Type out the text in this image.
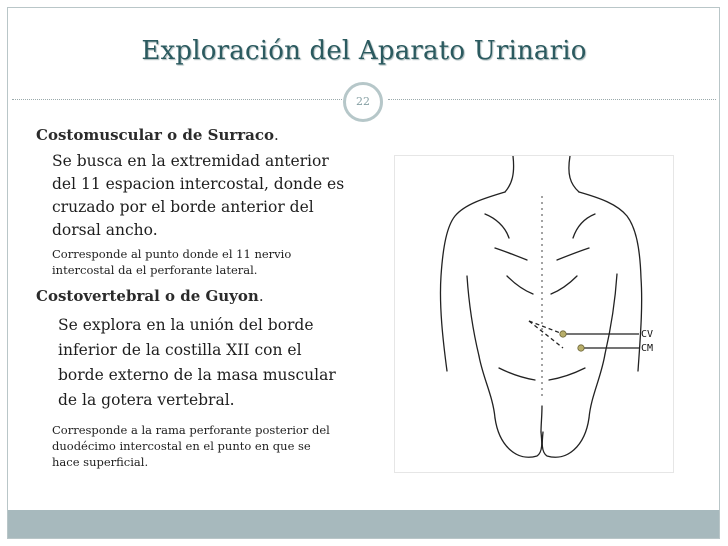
Exploración del Aparato Urinario
22
Costomuscular o de Surraco.
Se busca en la extremidad anterior
del 11 espacion intercostal, donde es
cruzado por el borde anterior del
dorsal ancho.
Corresponde al punto donde el 11 nervio
intercostal da el perforante lateral.
Costovertebral o de Guyon.
Se explora en la unión del borde
inferior de la costilla XII con el
borde externo de la masa muscular
de la gotera vertebral.
Corresponde a la rama perforante posterior del
duodécimo intercostal en el punto en que se
hace superficial.
CV
CM
